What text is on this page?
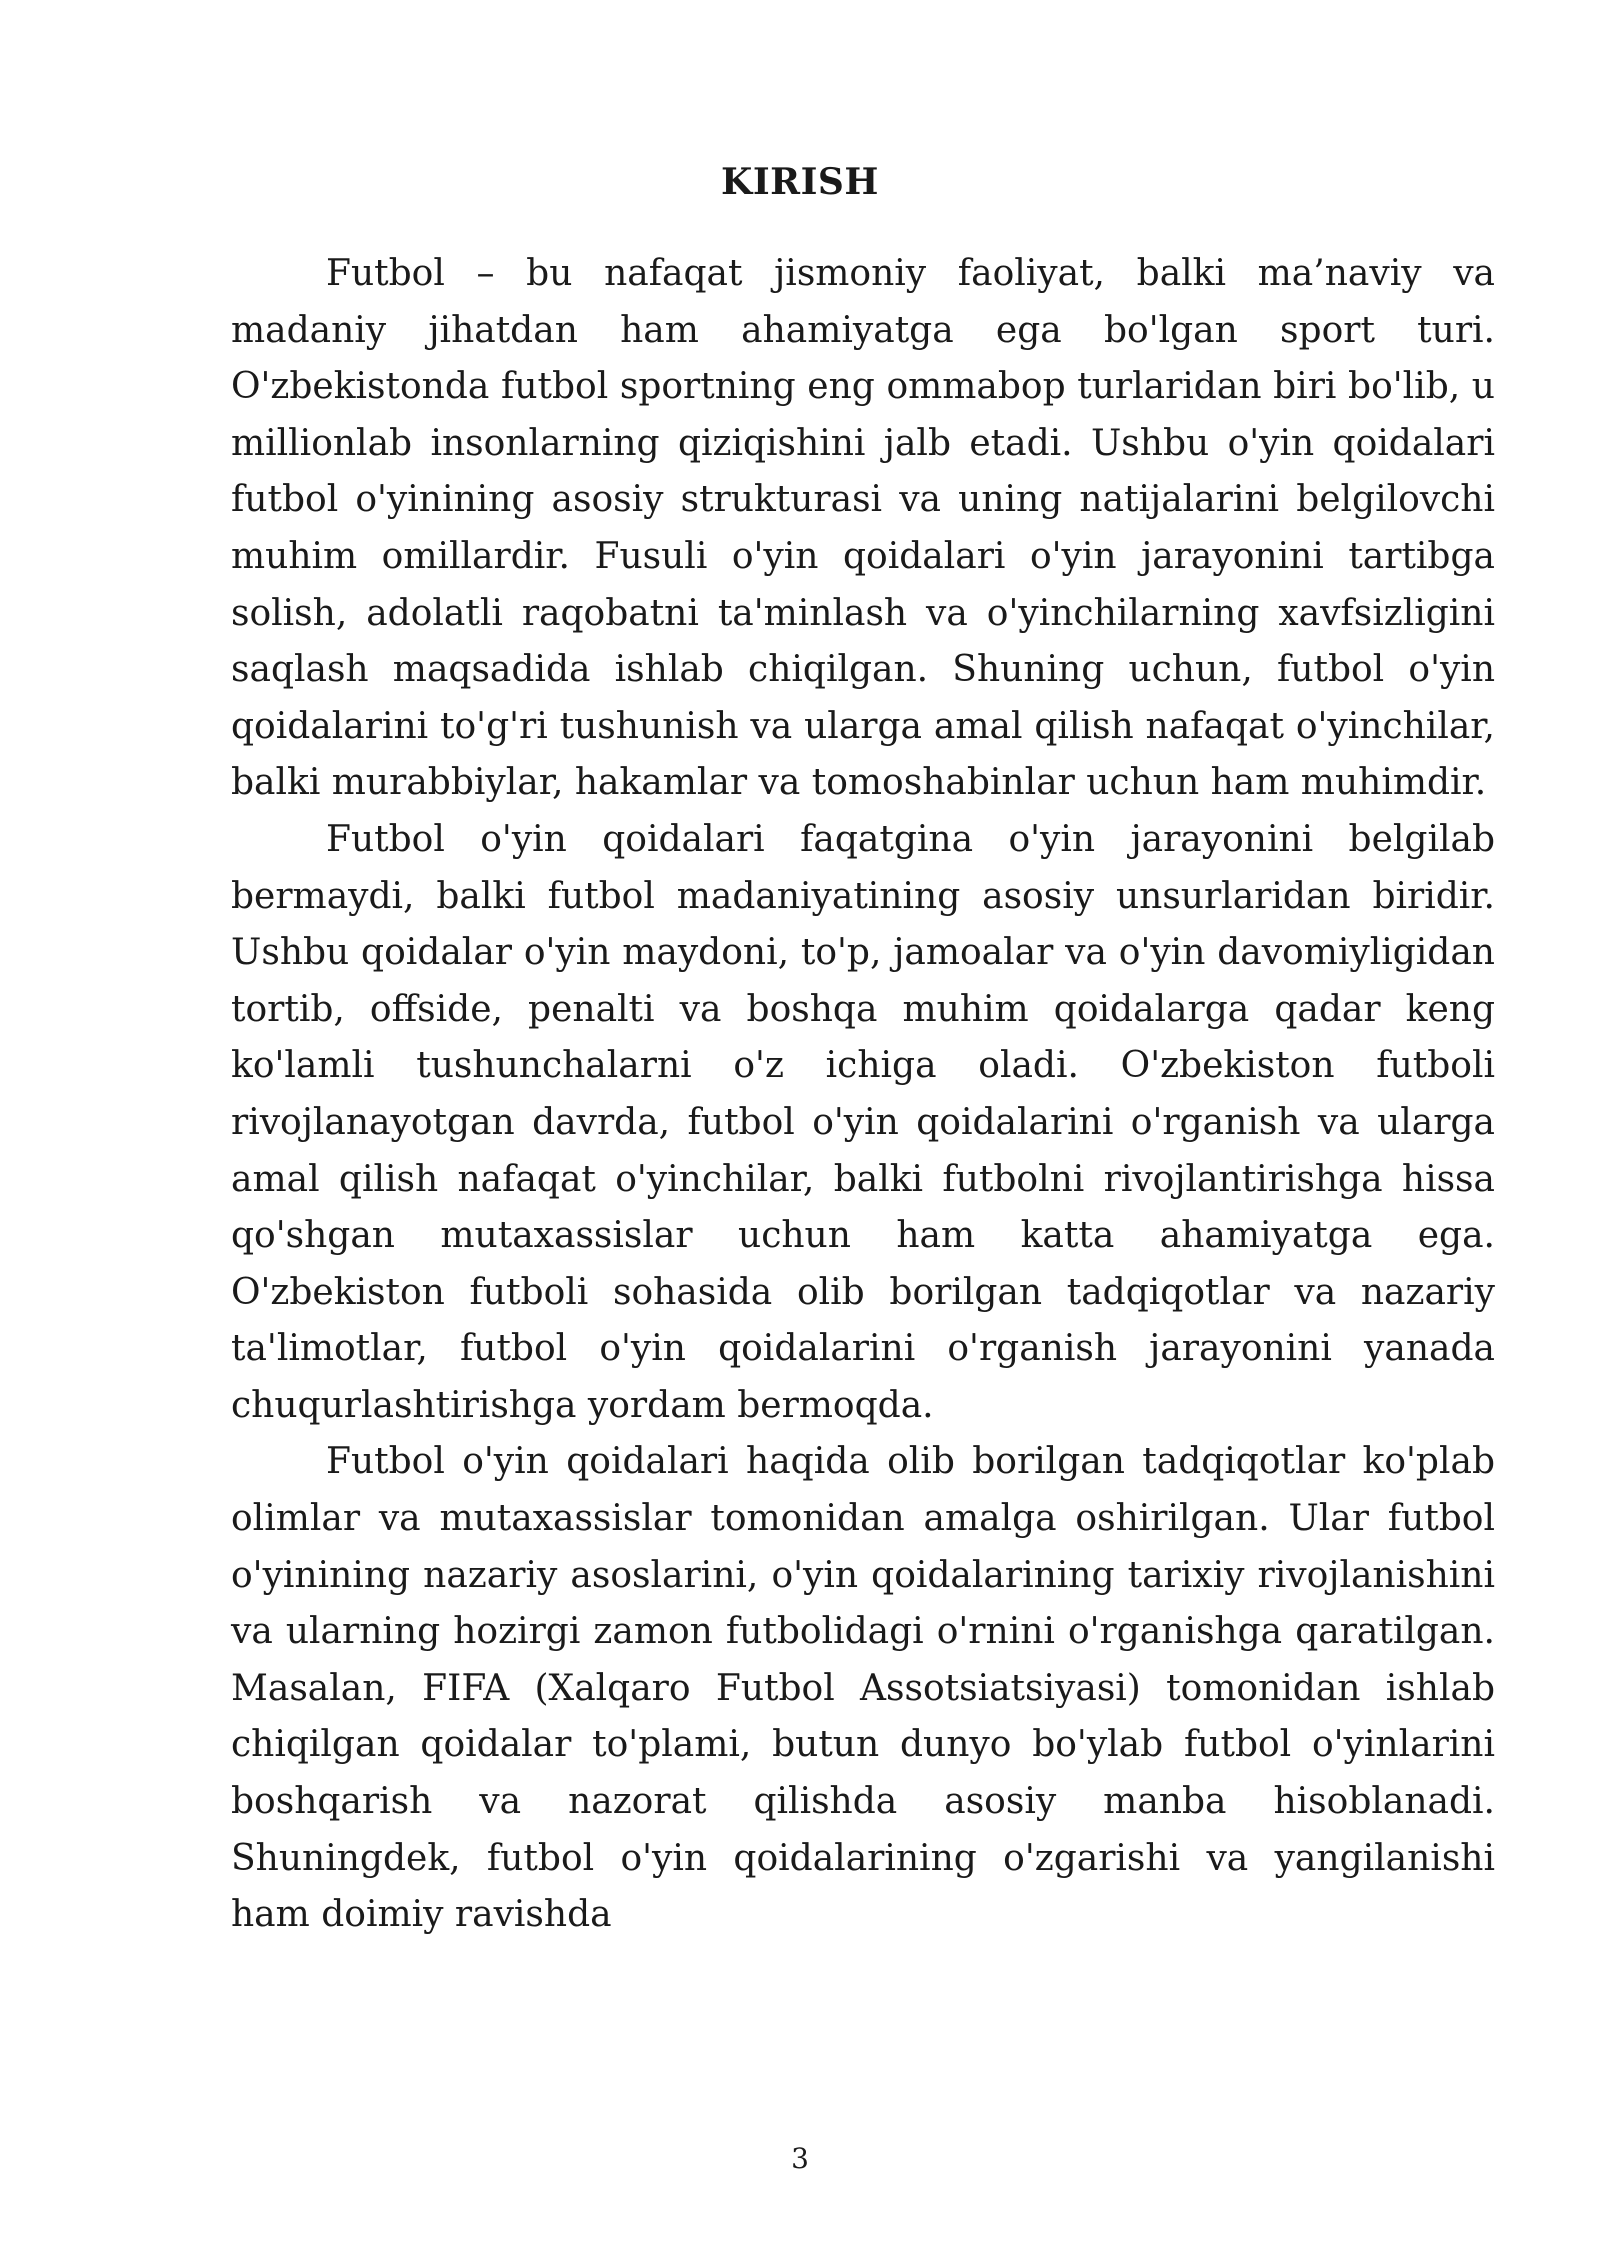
KIRISH

Futbol – bu nafaqat jismoniy faoliyat, balki ma’naviy va madaniy jihatdan ham ahamiyatga ega bo'lgan sport turi. O'zbekistonda futbol sportning eng ommabop turlaridan biri bo'lib, u millionlab insonlarning qiziqishini jalb etadi. Ushbu o'yin qoidalari futbol o'yinining asosiy strukturasi va uning natijalarini belgilovchi muhim omillardir. Fusuli o'yin qoidalari o'yin jarayonini tartibga solish, adolatli raqobatni ta'minlash va o'yinchilarning xavfsizligini saqlash maqsadida ishlab chiqilgan. Shuning uchun, futbol o'yin qoidalarini to'g'ri tushunish va ularga amal qilish nafaqat o'yinchilar, balki murabbiylar, hakamlar va tomoshabinlar uchun ham muhimdir.

Futbol o'yin qoidalari faqatgina o'yin jarayonini belgilab bermaydi, balki futbol madaniyatining asosiy unsurlaridan biridir. Ushbu qoidalar o'yin maydoni, to'p, jamoalar va o'yin davomiyligidan tortib, offside, penalti va boshqa muhim qoidalarga qadar keng ko'lamli tushunchalarni o'z ichiga oladi. O'zbekiston futboli rivojlanayotgan davrda, futbol o'yin qoidalarini o'rganish va ularga amal qilish nafaqat o'yinchilar, balki futbolni rivojlantirishga hissa qo'shgan mutaxassislar uchun ham katta ahamiyatga ega. O'zbekiston futboli sohasida olib borilgan tadqiqotlar va nazariy ta'limotlar, futbol o'yin qoidalarini o'rganish jarayonini yanada chuqurlashtirishga yordam bermoqda.

Futbol o'yin qoidalari haqida olib borilgan tadqiqotlar ko'plab olimlar va mutaxassislar tomonidan amalga oshirilgan. Ular futbol o'yinining nazariy asoslarini, o'yin qoidalarining tarixiy rivojlanishini va ularning hozirgi zamon futbolidagi o'rnini o'rganishga qaratilgan. Masalan, FIFA (Xalqaro Futbol Assotsiatsiyasi) tomonidan ishlab chiqilgan qoidalar to'plami, butun dunyo bo'ylab futbol o'yinlarini boshqarish va nazorat qilishda asosiy manba hisoblanadi. Shuningdek, futbol o'yin qoidalarining o'zgarishi va yangilanishi ham doimiy ravishda

3
